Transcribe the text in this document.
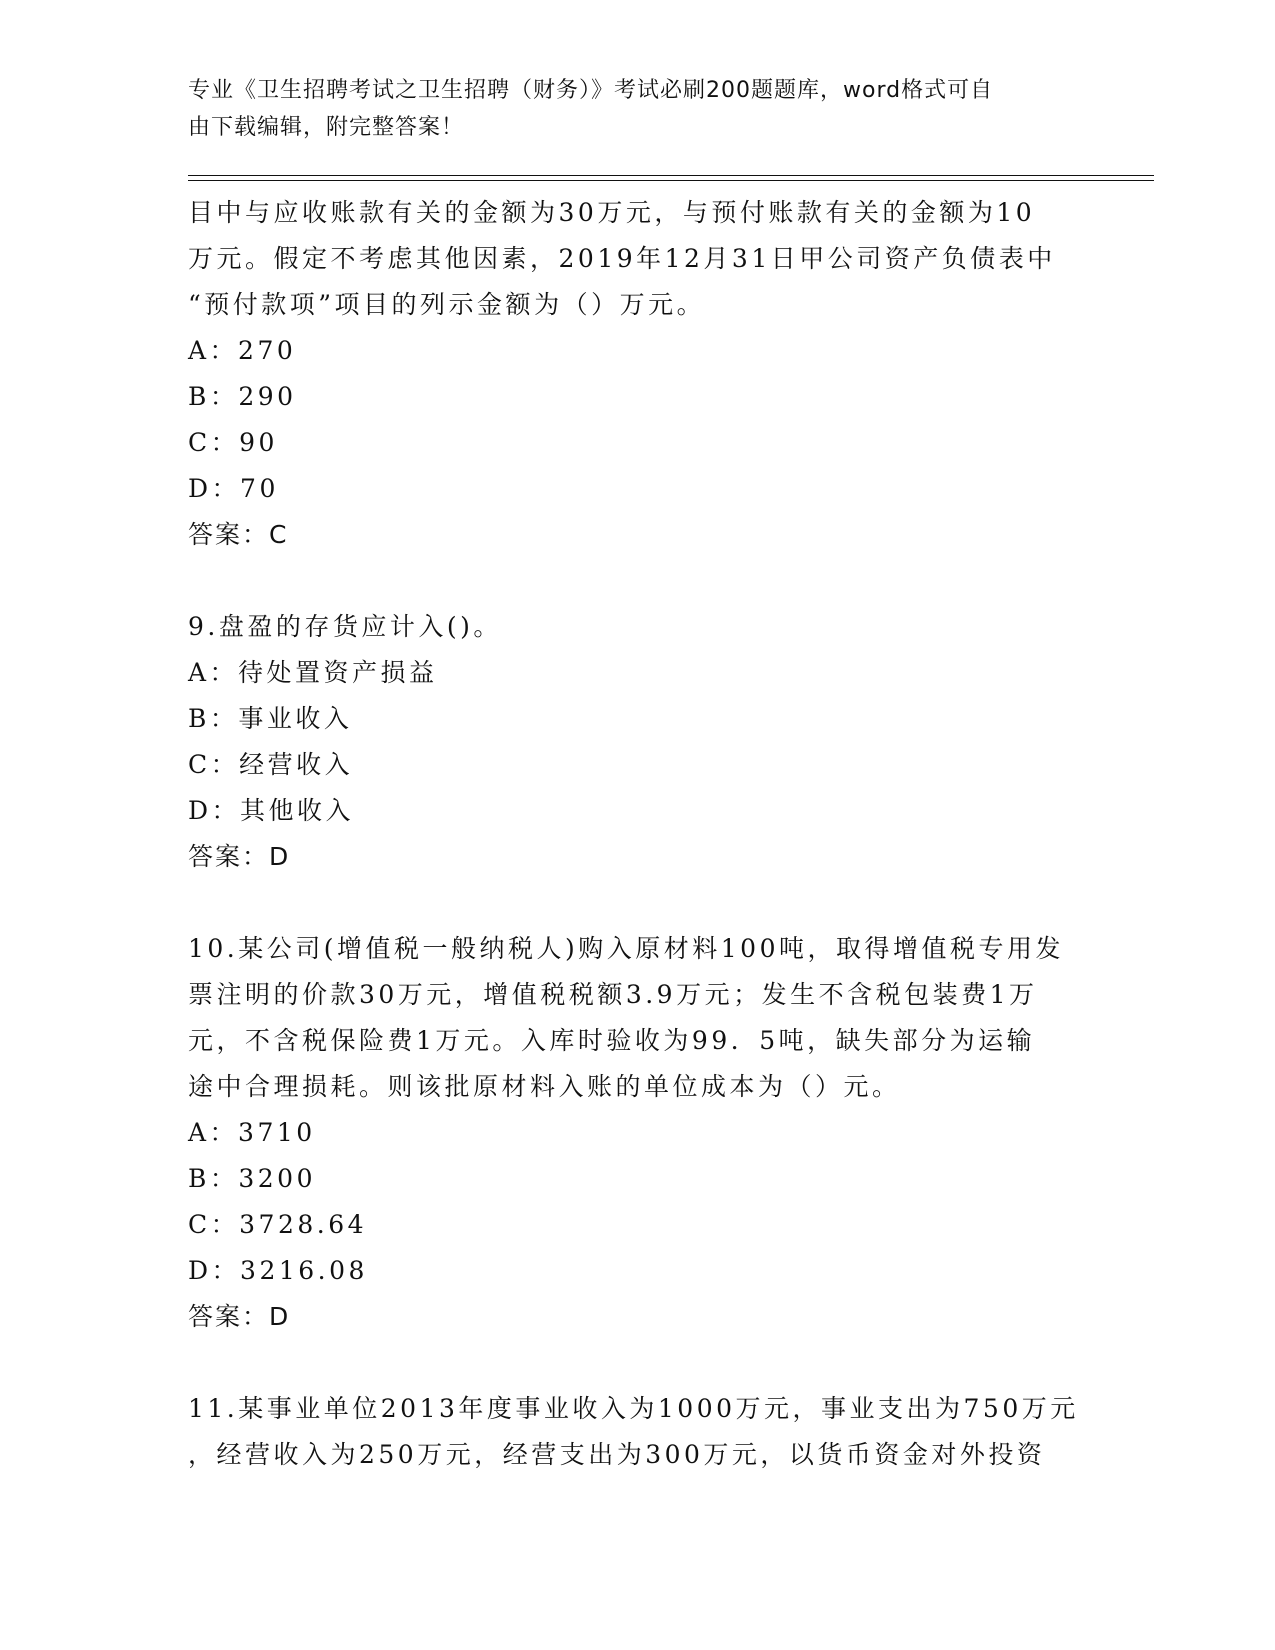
专业《卫生招聘考试之卫生招聘（财务）》考试必刷200题题库，word格式可自
由下载编辑，附完整答案！
目中与应收账款有关的金额为30万元，与预付账款有关的金额为10
万元。假定不考虑其他因素，2019年12月31日甲公司资产负债表中
“预付款项”项目的列示金额为（）万元。
A：270
B：290
C：90
D：70
答案：C
9.盘盈的存货应计入()。
A：待处置资产损益
B：事业收入
C：经营收入
D：其他收入
答案：D
10.某公司(增值税一般纳税人)购入原材料100吨，取得增值税专用发
票注明的价款30万元，增值税税额3.9万元；发生不含税包装费1万
元，不含税保险费1万元。入库时验收为99．5吨，缺失部分为运输
途中合理损耗。则该批原材料入账的单位成本为（）元。
A：3710
B：3200
C：3728.64
D：3216.08
答案：D
11.某事业单位2013年度事业收入为1000万元，事业支出为750万元
，经营收入为250万元，经营支出为300万元，以货币资金对外投资
